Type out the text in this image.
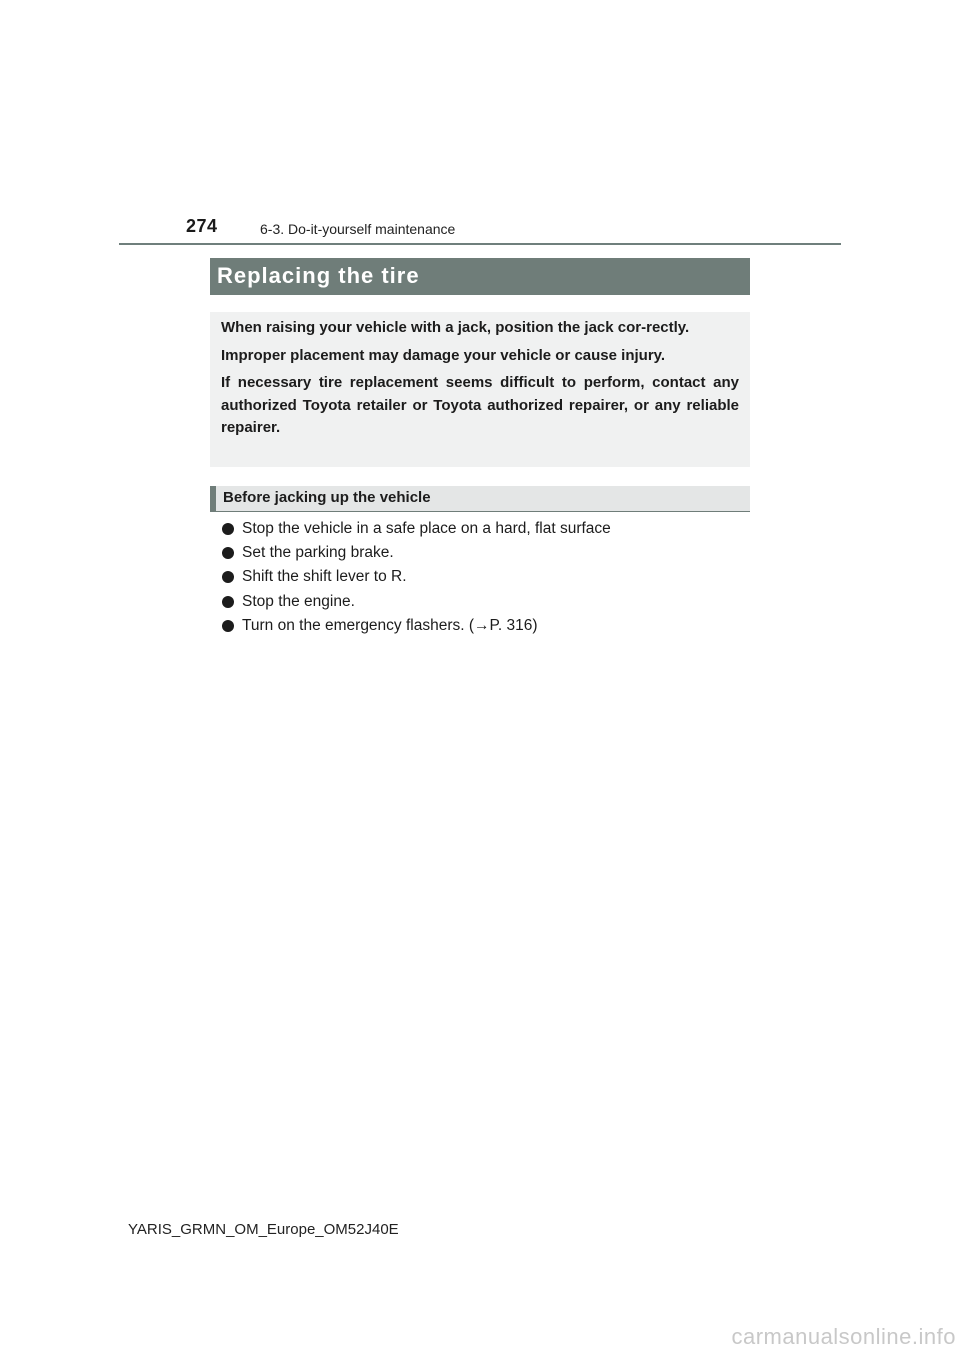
274	6-3. Do-it-yourself maintenance
Replacing the tire

When raising your vehicle with a jack, position the jack cor-rectly.

Improper placement may damage your vehicle or cause injury.

If necessary tire replacement seems difficult to perform, contact any authorized Toyota retailer or Toyota authorized repairer, or any reliable repairer.

Before jacking up the vehicle
Stop the vehicle in a safe place on a hard, flat surface
Set the parking brake.
Shift the shift lever to R.
Stop the engine.
Turn on the emergency flashers. (→P. 316)
YARIS_GRMN_OM_Europe_OM52J40E
carmanualsonline.info
